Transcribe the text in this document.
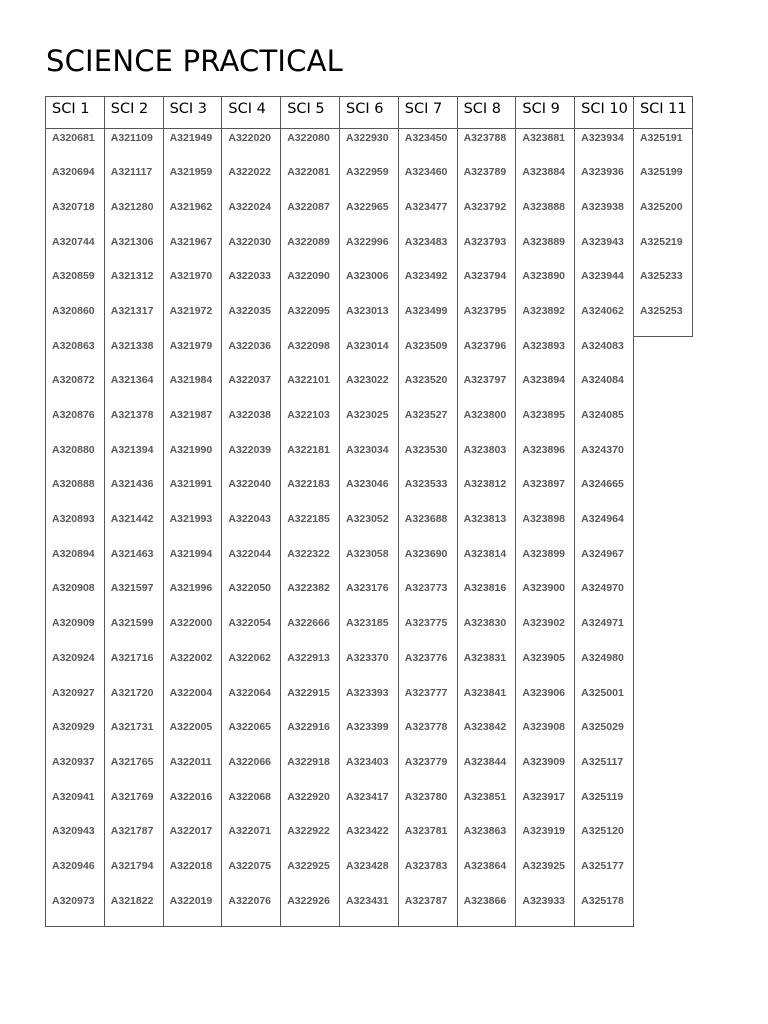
SCIENCE PRACTICAL
SCI 1	SCI 2	SCI 3	SCI 4	SCI 5	SCI 6	SCI 7	SCI 8	SCI 9	SCI 10	SCI 11
A320681	A321109	A321949	A322020	A322080	A322930	A323450	A323788	A323881	A323934	A325191
A320694	A321117	A321959	A322022	A322081	A322959	A323460	A323789	A323884	A323936	A325199
A320718	A321280	A321962	A322024	A322087	A322965	A323477	A323792	A323888	A323938	A325200
A320744	A321306	A321967	A322030	A322089	A322996	A323483	A323793	A323889	A323943	A325219
A320859	A321312	A321970	A322033	A322090	A323006	A323492	A323794	A323890	A323944	A325233
A320860	A321317	A321972	A322035	A322095	A323013	A323499	A323795	A323892	A324062	A325253
A320863	A321338	A321979	A322036	A322098	A323014	A323509	A323796	A323893	A324083	
A320872	A321364	A321984	A322037	A322101	A323022	A323520	A323797	A323894	A324084	
A320876	A321378	A321987	A322038	A322103	A323025	A323527	A323800	A323895	A324085	
A320880	A321394	A321990	A322039	A322181	A323034	A323530	A323803	A323896	A324370	
A320888	A321436	A321991	A322040	A322183	A323046	A323533	A323812	A323897	A324665	
A320893	A321442	A321993	A322043	A322185	A323052	A323688	A323813	A323898	A324964	
A320894	A321463	A321994	A322044	A322322	A323058	A323690	A323814	A323899	A324967	
A320908	A321597	A321996	A322050	A322382	A323176	A323773	A323816	A323900	A324970	
A320909	A321599	A322000	A322054	A322666	A323185	A323775	A323830	A323902	A324971	
A320924	A321716	A322002	A322062	A322913	A323370	A323776	A323831	A323905	A324980	
A320927	A321720	A322004	A322064	A322915	A323393	A323777	A323841	A323906	A325001	
A320929	A321731	A322005	A322065	A322916	A323399	A323778	A323842	A323908	A325029	
A320937	A321765	A322011	A322066	A322918	A323403	A323779	A323844	A323909	A325117	
A320941	A321769	A322016	A322068	A322920	A323417	A323780	A323851	A323917	A325119	
A320943	A321787	A322017	A322071	A322922	A323422	A323781	A323863	A323919	A325120	
A320946	A321794	A322018	A322075	A322925	A323428	A323783	A323864	A323925	A325177	
A320973	A321822	A322019	A322076	A322926	A323431	A323787	A323866	A323933	A325178	
